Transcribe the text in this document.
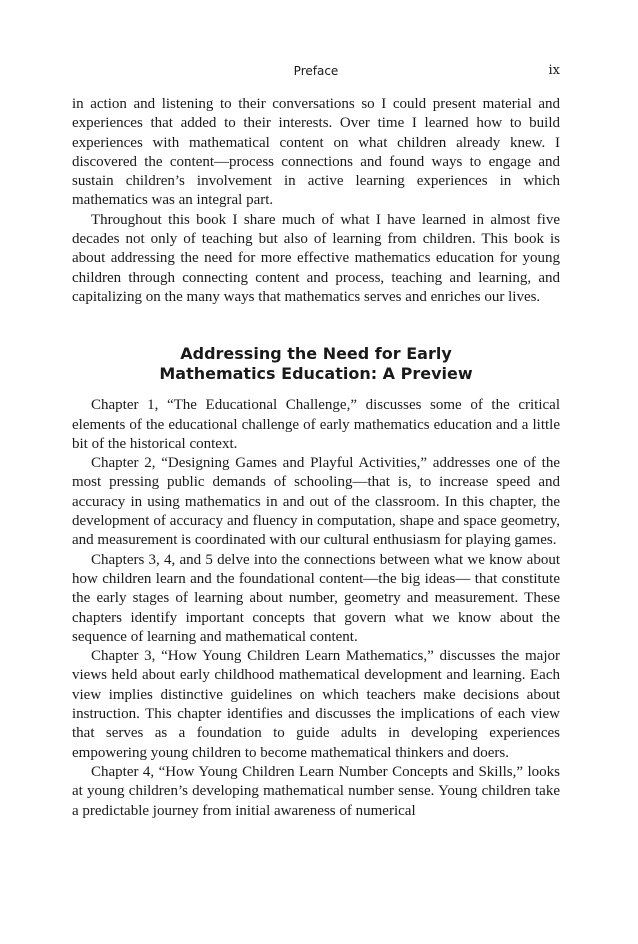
Preface	ix

in action and listening to their conversations so I could present material and experiences that added to their interests. Over time I learned how to build experiences with mathematical content on what children already knew. I discovered the content—process connections and found ways to engage and sustain children’s involvement in active learning experiences in which mathematics was an integral part.

Throughout this book I share much of what I have learned in almost five decades not only of teaching but also of learning from children. This book is about addressing the need for more effective mathematics education for young children through connecting content and process, teaching and learning, and capitalizing on the many ways that mathematics serves and enriches our lives.

Addressing the Need for Early Mathematics Education: A Preview

Chapter 1, “The Educational Challenge,” discusses some of the critical elements of the educational challenge of early mathematics education and a little bit of the historical context.

Chapter 2, “Designing Games and Playful Activities,” addresses one of the most pressing public demands of schooling—that is, to increase speed and accuracy in using mathematics in and out of the classroom. In this chapter, the development of accuracy and fluency in computation, shape and space geometry, and measurement is coordinated with our cultural enthusiasm for playing games.

Chapters 3, 4, and 5 delve into the connections between what we know about how children learn and the foundational content—the big ideas— that constitute the early stages of learning about number, geometry and measurement. These chapters identify important concepts that govern what we know about the sequence of learning and mathematical content.

Chapter 3, “How Young Children Learn Mathematics,” discusses the major views held about early childhood mathematical development and learning. Each view implies distinctive guidelines on which teachers make decisions about instruction. This chapter identifies and discusses the implications of each view that serves as a foundation to guide adults in developing experiences empowering young children to become mathematical thinkers and doers.

Chapter 4, “How Young Children Learn Number Concepts and Skills,” looks at young children’s developing mathematical number sense. Young children take a predictable journey from initial awareness of numerical
